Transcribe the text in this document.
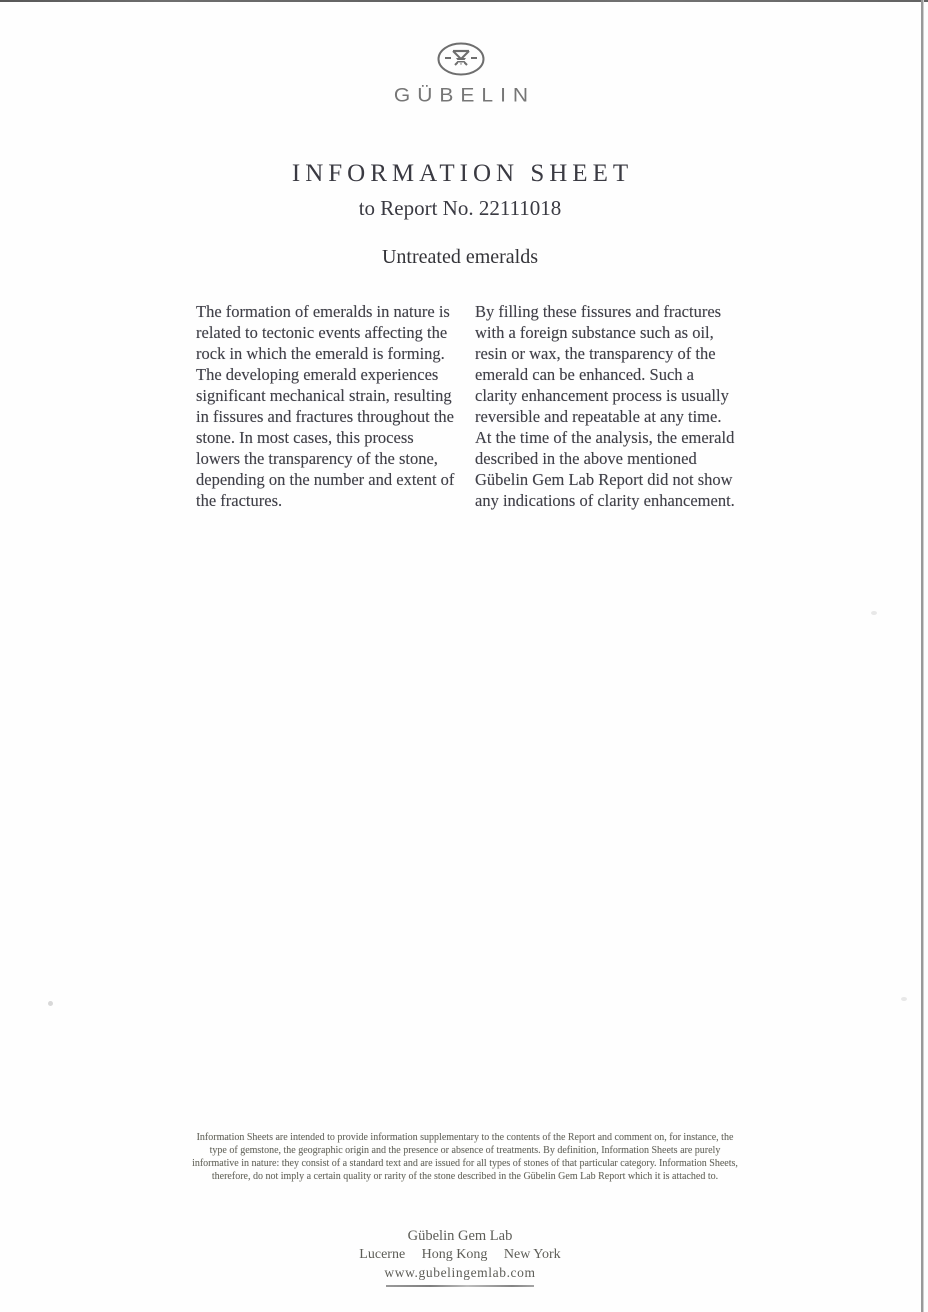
GÜBELIN
INFORMATION SHEET
to Report No. 22111018
Untreated emeralds
The formation of emeralds in nature is related to tectonic events affecting the rock in which the emerald is forming. The developing emerald experiences significant mechanical strain, resulting in fissures and fractures throughout the stone. In most cases, this process lowers the transparency of the stone, depending on the number and extent of the fractures.
By filling these fissures and fractures with a foreign substance such as oil, resin or wax, the transparency of the emerald can be enhanced. Such a clarity enhancement process is usually reversible and repeatable at any time. At the time of the analysis, the emerald described in the above mentioned Gübelin Gem Lab Report did not show any indications of clarity enhancement.
Information Sheets are intended to provide information supplementary to the contents of the Report and comment on, for instance, the type of gemstone, the geographic origin and the presence or absence of treatments. By definition, Information Sheets are purely informative in nature: they consist of a standard text and are issued for all types of stones of that particular category. Information Sheets, therefore, do not imply a certain quality or rarity of the stone described in the Gübelin Gem Lab Report which it is attached to.
Gübelin Gem Lab
Lucerne Hong Kong New York
www.gubelingemlab.com
